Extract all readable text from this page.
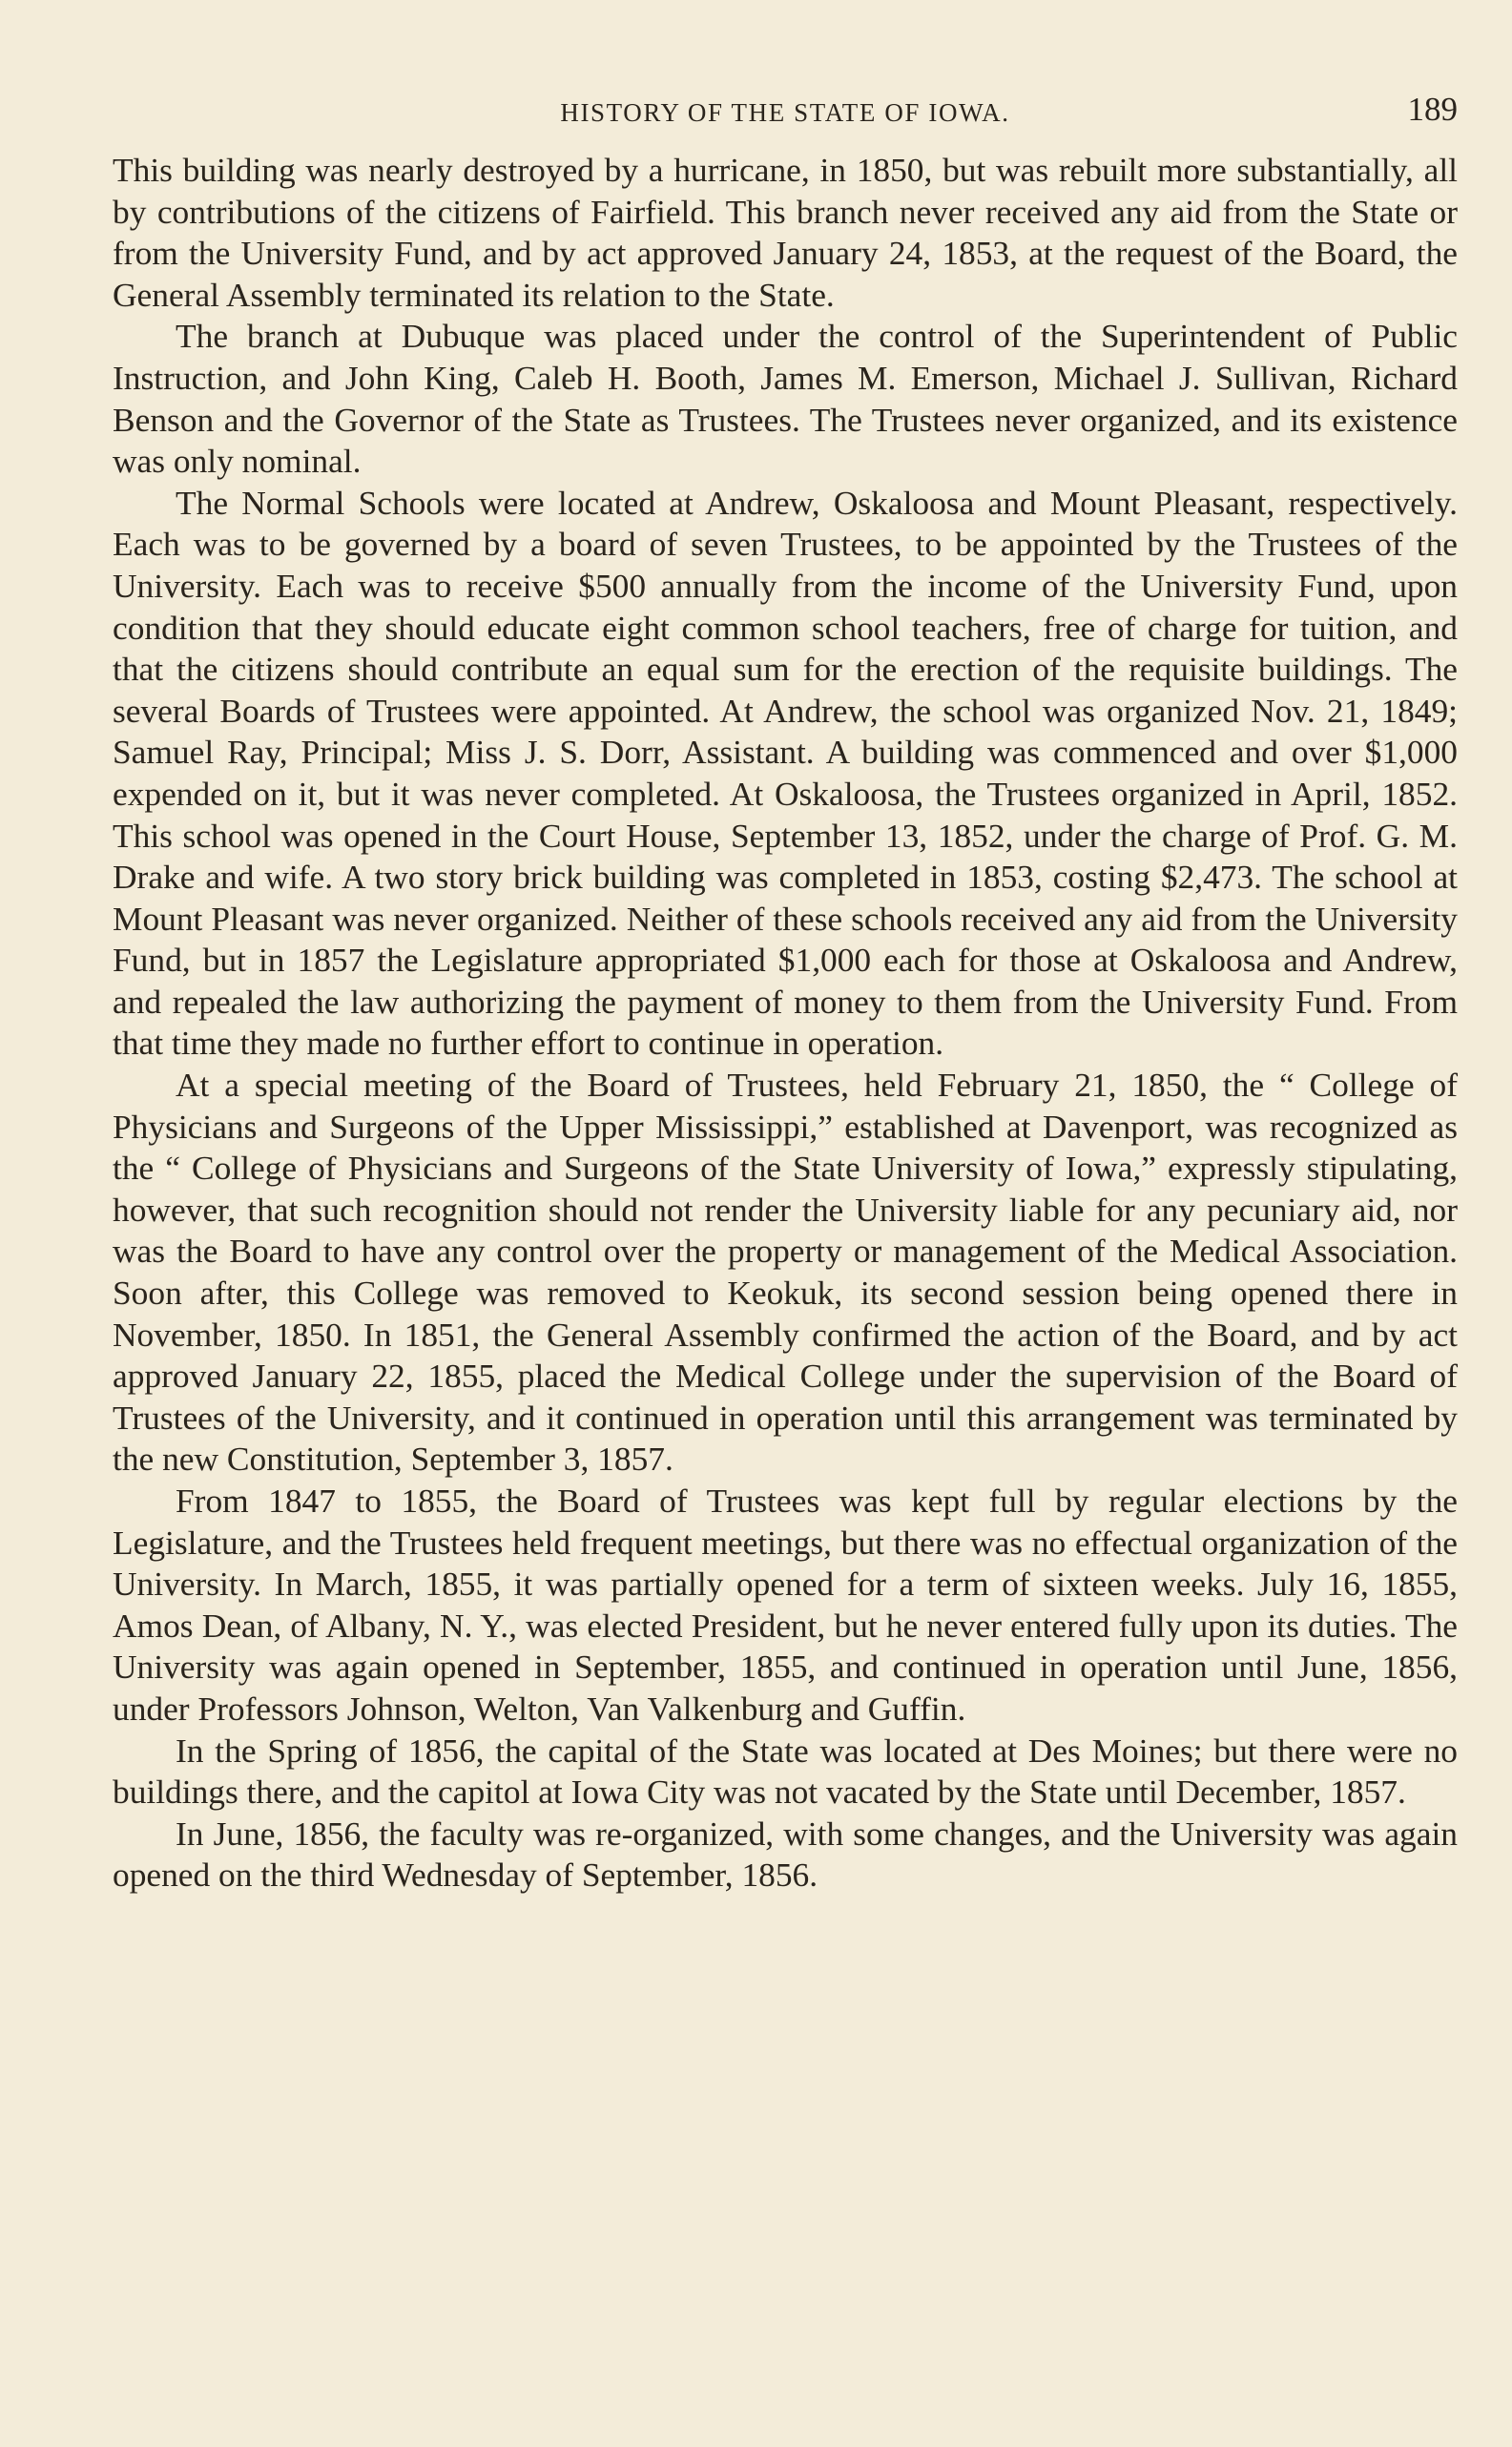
HISTORY OF THE STATE OF IOWA.	189

This building was nearly destroyed by a hurricane, in 1850, but was rebuilt more substantially, all by contributions of the citizens of Fairfield. This branch never received any aid from the State or from the University Fund, and by act approved January 24, 1853, at the request of the Board, the General Assembly terminated its relation to the State.

The branch at Dubuque was placed under the control of the Superintendent of Public Instruction, and John King, Caleb H. Booth, James M. Emerson, Michael J. Sullivan, Richard Benson and the Governor of the State as Trustees. The Trustees never organized, and its existence was only nominal.

The Normal Schools were located at Andrew, Oskaloosa and Mount Pleasant, respectively. Each was to be governed by a board of seven Trustees, to be appointed by the Trustees of the University. Each was to receive $500 annually from the income of the University Fund, upon condition that they should educate eight common school teachers, free of charge for tuition, and that the citizens should contribute an equal sum for the erection of the requisite buildings. The several Boards of Trustees were appointed. At Andrew, the school was organized Nov. 21, 1849; Samuel Ray, Principal; Miss J. S. Dorr, Assistant. A building was commenced and over $1,000 expended on it, but it was never completed. At Oskaloosa, the Trustees organized in April, 1852. This school was opened in the Court House, September 13, 1852, under the charge of Prof. G. M. Drake and wife. A two story brick building was completed in 1853, costing $2,473. The school at Mount Pleasant was never organized. Neither of these schools received any aid from the University Fund, but in 1857 the Legislature appropriated $1,000 each for those at Oskaloosa and Andrew, and repealed the law authorizing the payment of money to them from the University Fund. From that time they made no further effort to continue in operation.

At a special meeting of the Board of Trustees, held February 21, 1850, the “ College of Physicians and Surgeons of the Upper Mississippi,” established at Davenport, was recognized as the “ College of Physicians and Surgeons of the State University of Iowa,” expressly stipulating, however, that such recognition should not render the University liable for any pecuniary aid, nor was the Board to have any control over the property or management of the Medical Association. Soon after, this College was removed to Keokuk, its second session being opened there in November, 1850. In 1851, the General Assembly confirmed the action of the Board, and by act approved January 22, 1855, placed the Medical College under the supervision of the Board of Trustees of the University, and it continued in operation until this arrangement was terminated by the new Constitution, September 3, 1857.

From 1847 to 1855, the Board of Trustees was kept full by regular elections by the Legislature, and the Trustees held frequent meetings, but there was no effectual organization of the University. In March, 1855, it was partially opened for a term of sixteen weeks. July 16, 1855, Amos Dean, of Albany, N. Y., was elected President, but he never entered fully upon its duties. The University was again opened in September, 1855, and continued in operation until June, 1856, under Professors Johnson, Welton, Van Valkenburg and Guffin.

In the Spring of 1856, the capital of the State was located at Des Moines; but there were no buildings there, and the capitol at Iowa City was not vacated by the State until December, 1857.

In June, 1856, the faculty was re-organized, with some changes, and the University was again opened on the third Wednesday of September, 1856.
